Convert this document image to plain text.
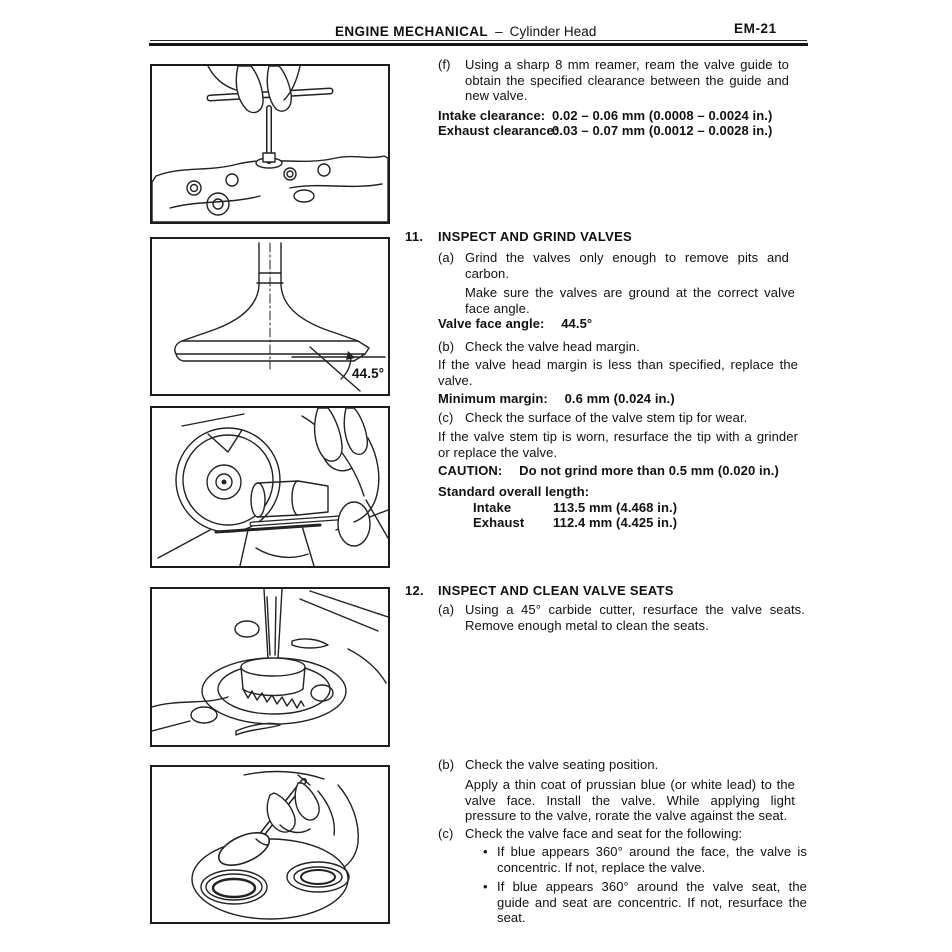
ENGINE MECHANICAL – Cylinder Head	EM-21
44.5°
(f)	Using a sharp 8 mm reamer, ream the valve guide to obtain the specified clearance between the guide and new valve.

Intake clearance: 0.02 – 0.06 mm (0.0008 – 0.0024 in.)
Exhaust clearance:
0.03 – 0.07 mm (0.0012 – 0.0028 in.)
11.	INSPECT AND GRIND VALVES
(a) Grind the valves only enough to remove pits and carbon.

Make sure the valves are ground at the correct valve face angle.
Valve face angle: 44.5°
(b) Check the valve head margin.

If the valve head margin is less than specified, replace the valve.
Minimum margin: 0.6 mm (0.024 in.)
(c) Check the surface of the valve stem tip for wear.

If the valve stem tip is worn, resurface the tip with a grinder or replace the valve.
CAUTION: Do not grind more than 0.5 mm (0.020 in.)
Standard overall length:
Intake	113.5 mm (4.468 in.)
Exhaust	112.4 mm (4.425 in.)
12.	INSPECT AND CLEAN VALVE SEATS
(a) Using a 45° carbide cutter, resurface the valve seats. Remove enough metal to clean the seats.

(b) Check the valve seating position.

Apply a thin coat of prussian blue (or white lead) to the valve face. Install the valve. While applying light pressure to the valve, rorate the valve against the seat.
(c) Check the valve face and seat for the following:

• If blue appears 360° around the face, the valve is concentric. If not, replace the valve.

• If blue appears 360° around the valve seat, the guide and seat are concentric. If not, resurface the seat.
